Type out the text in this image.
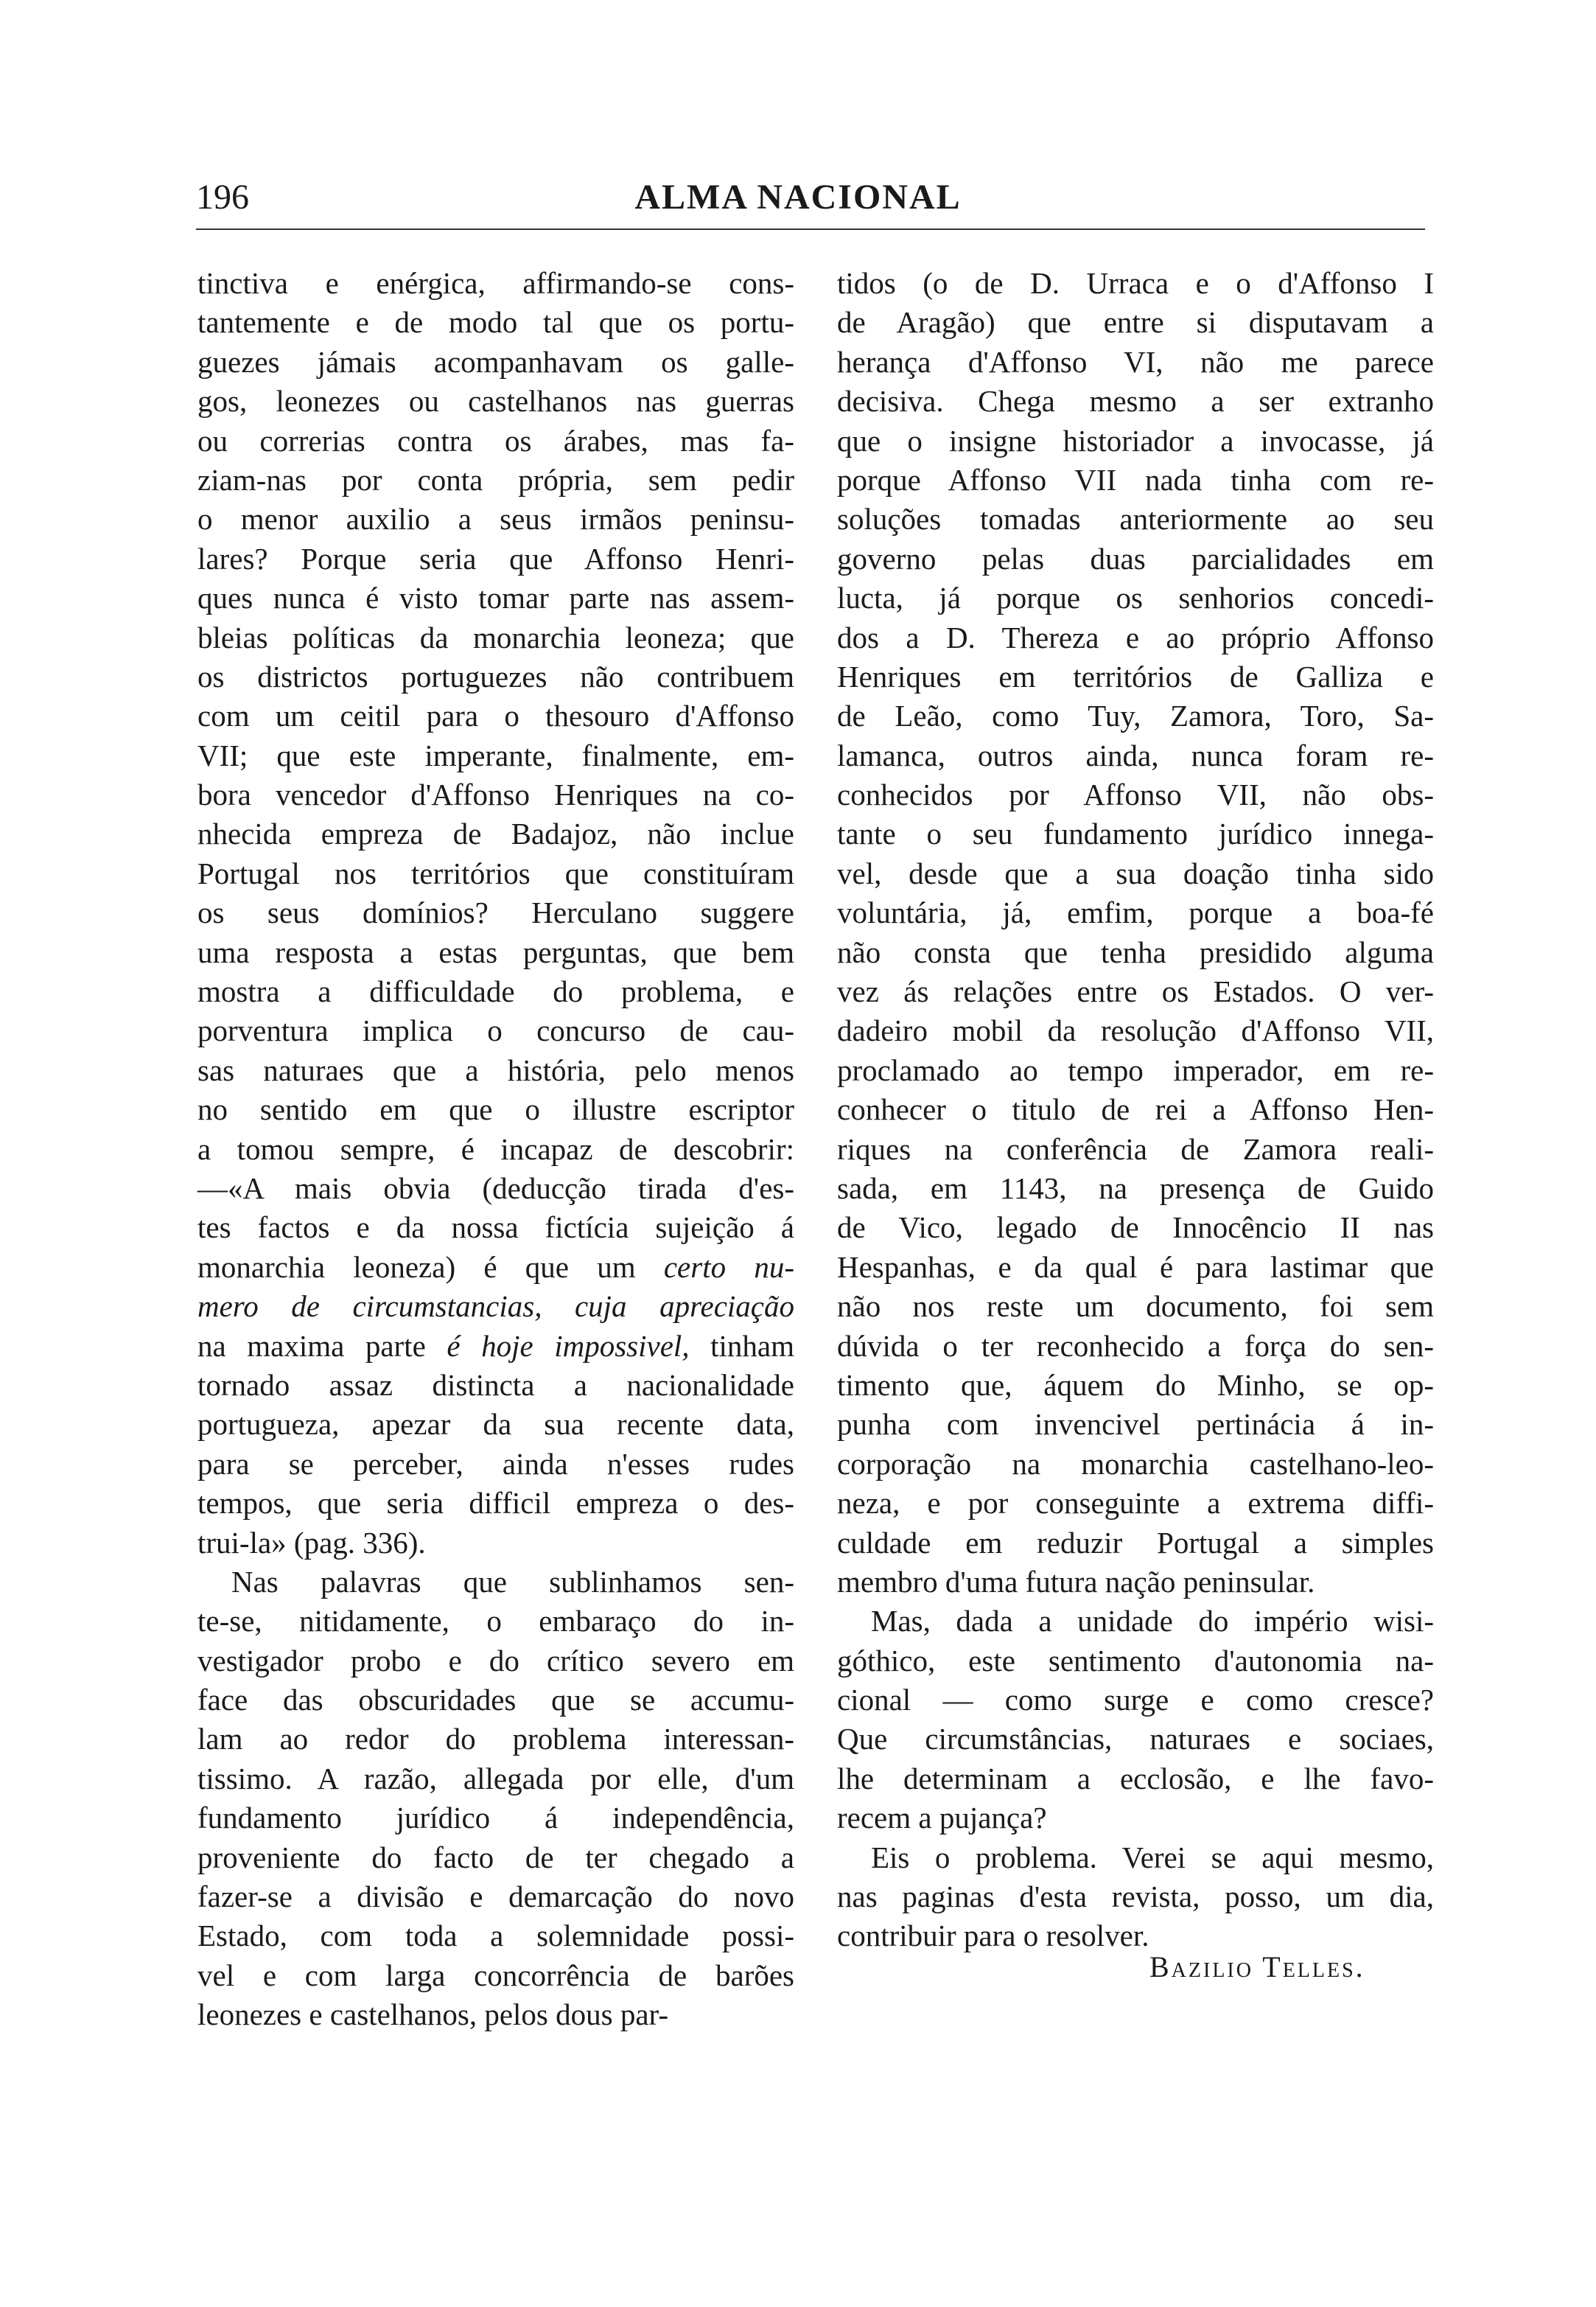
196	ALMA NACIONAL
tinctiva e enérgica, affirmando-se cons-
tantemente e de modo tal que os portu-
guezes jámais acompanhavam os galle-
gos, leonezes ou castelhanos nas guerras
ou correrias contra os árabes, mas fa-
ziam-nas por conta própria, sem pedir
o menor auxilio a seus irmãos peninsu-
lares? Porque seria que Affonso Henri-
ques nunca é visto tomar parte nas assem-
bleias políticas da monarchia leoneza; que
os districtos portuguezes não contribuem
com um ceitil para o thesouro d'Affonso
VII; que este imperante, finalmente, em-
bora vencedor d'Affonso Henriques na co-
nhecida empreza de Badajoz, não inclue
Portugal nos territórios que constituíram
os seus domínios? Herculano suggere
uma resposta a estas perguntas, que bem
mostra a difficuldade do problema, e
porventura implica o concurso de cau-
sas naturaes que a história, pelo menos
no sentido em que o illustre escriptor
a tomou sempre, é incapaz de descobrir:
—«A mais obvia (deducção tirada d'es-
tes factos e da nossa fictícia sujeição á
monarchia leoneza) é que um certo nu-
mero de circumstancias, cuja apreciação
na maxima parte é hoje impossivel, tinham
tornado assaz distincta a nacionalidade
portugueza, apezar da sua recente data,
para se perceber, ainda n'esses rudes
tempos, que seria difficil empreza o des-
trui-la» (pag. 336).
Nas palavras que sublinhamos sen-
te-se, nitidamente, o embaraço do in-
vestigador probo e do crítico severo em
face das obscuridades que se accumu-
lam ao redor do problema interessan-
tissimo. A razão, allegada por elle, d'um
fundamento jurídico á independência,
proveniente do facto de ter chegado a
fazer-se a divisão e demarcação do novo
Estado, com toda a solemnidade possi-
vel e com larga concorrência de barões
leonezes e castelhanos, pelos dous par-
tidos (o de D. Urraca e o d'Affonso I
de Aragão) que entre si disputavam a
herança d'Affonso VI, não me parece
decisiva. Chega mesmo a ser extranho
que o insigne historiador a invocasse, já
porque Affonso VII nada tinha com re-
soluções tomadas anteriormente ao seu
governo pelas duas parcialidades em
lucta, já porque os senhorios concedi-
dos a D. Thereza e ao próprio Affonso
Henriques em territórios de Galliza e
de Leão, como Tuy, Zamora, Toro, Sa-
lamanca, outros ainda, nunca foram re-
conhecidos por Affonso VII, não obs-
tante o seu fundamento jurídico innega-
vel, desde que a sua doação tinha sido
voluntária, já, emfim, porque a boa-fé
não consta que tenha presidido alguma
vez ás relações entre os Estados. O ver-
dadeiro mobil da resolução d'Affonso VII,
proclamado ao tempo imperador, em re-
conhecer o titulo de rei a Affonso Hen-
riques na conferência de Zamora reali-
sada, em 1143, na presença de Guido
de Vico, legado de Innocêncio II nas
Hespanhas, e da qual é para lastimar que
não nos reste um documento, foi sem
dúvida o ter reconhecido a força do sen-
timento que, áquem do Minho, se op-
punha com invencivel pertinácia á in-
corporação na monarchia castelhano-leo-
neza, e por conseguinte a extrema diffi-
culdade em reduzir Portugal a simples
membro d'uma futura nação peninsular.
Mas, dada a unidade do império wisi-
góthico, este sentimento d'autonomia na-
cional — como surge e como cresce?
Que circumstâncias, naturaes e sociaes,
lhe determinam a ecclosão, e lhe favo-
recem a pujança?
Eis o problema. Verei se aqui mesmo,
nas paginas d'esta revista, posso, um dia,
contribuir para o resolver.
Bazilio Telles.
